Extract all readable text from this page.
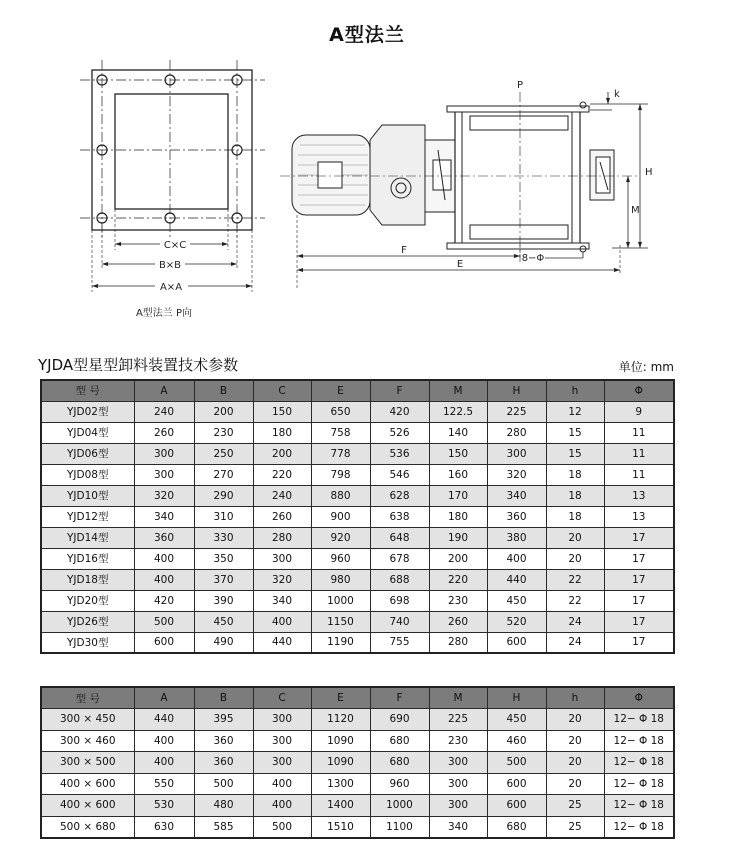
A型法兰
C×C
B×B
A×A
A型法兰 P向
P
k
H
M
F
E
8−Φ
YJDA型星型卸料装置技术参数	单位: mm
型 号	A	B	C	E	F	M	H	h	Φ
YJD02型	240	200	150	650	420	122.5	225	12	9
YJD04型	260	230	180	758	526	140	280	15	11
YJD06型	300	250	200	778	536	150	300	15	11
YJD08型	300	270	220	798	546	160	320	18	11
YJD10型	320	290	240	880	628	170	340	18	13
YJD12型	340	310	260	900	638	180	360	18	13
YJD14型	360	330	280	920	648	190	380	20	17
YJD16型	400	350	300	960	678	200	400	20	17
YJD18型	400	370	320	980	688	220	440	22	17
YJD20型	420	390	340	1000	698	230	450	22	17
YJD26型	500	450	400	1150	740	260	520	24	17
YJD30型	600	490	440	1190	755	280	600	24	17
型 号	A	B	C	E	F	M	H	h	Φ
300 × 450	440	395	300	1120	690	225	450	20	12− Φ 18
300 × 460	400	360	300	1090	680	230	460	20	12− Φ 18
300 × 500	400	360	300	1090	680	300	500	20	12− Φ 18
400 × 600	550	500	400	1300	960	300	600	20	12− Φ 18
400 × 600	530	480	400	1400	1000	300	600	25	12− Φ 18
500 × 680	630	585	500	1510	1100	340	680	25	12− Φ 18
